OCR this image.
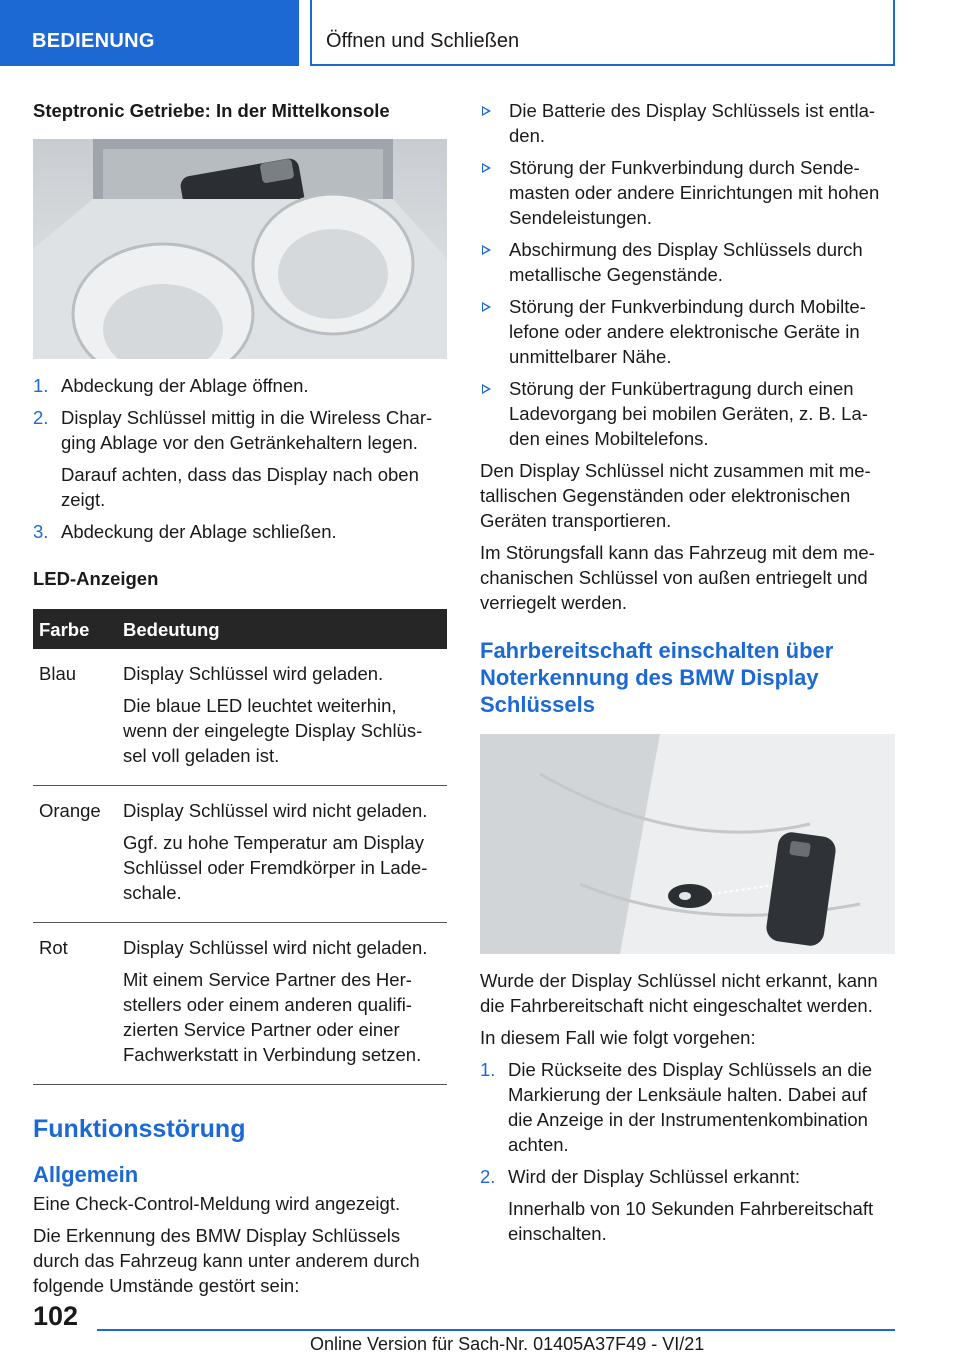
BEDIENUNG	Öffnen und Schließen
Steptronic Getriebe: In der Mittelkonsole
1. Abdeckung der Ablage öffnen.

2. Display Schlüssel mittig in die Wireless Char-ging Ablage vor den Getränkehaltern legen.

Darauf achten, dass das Display nach oben zeigt.

3. Abdeckung der Ablage schließen.

LED-Anzeigen
Farbe	Bedeutung
Blau	Display Schlüssel wird geladen.

Die blaue LED leuchtet weiterhin, wenn der eingelegte Display Schlüs-sel voll geladen ist.

Orange	Display Schlüssel wird nicht geladen.

Ggf. zu hohe Temperatur am Display Schlüssel oder Fremdkörper in Lade-schale.

Rot	Display Schlüssel wird nicht geladen.

Mit einem Service Partner des Her-stellers oder einem anderen qualifi-zierten Service Partner oder einer Fachwerkstatt in Verbindung setzen.

Funktionsstörung
Allgemein

Eine Check-Control-Meldung wird angezeigt.

Die Erkennung des BMW Display Schlüssels durch das Fahrzeug kann unter anderem durch folgende Umstände gestört sein:

Die Batterie des Display Schlüssels ist entla-den.
Störung der Funkverbindung durch Sende-masten oder andere Einrichtungen mit hohen Sendeleistungen.
Abschirmung des Display Schlüssels durch metallische Gegenstände.
Störung der Funkverbindung durch Mobilte-lefone oder andere elektronische Geräte in unmittelbarer Nähe.
Störung der Funkübertragung durch einen Ladevorgang bei mobilen Geräten, z. B. La-den eines Mobiltelefons.

Den Display Schlüssel nicht zusammen mit me-tallischen Gegenständen oder elektronischen Geräten transportieren.

Im Störungsfall kann das Fahrzeug mit dem me-chanischen Schlüssel von außen entriegelt und verriegelt werden.

Fahrbereitschaft einschalten über Noterkennung des BMW Display Schlüssels

Wurde der Display Schlüssel nicht erkannt, kann die Fahrbereitschaft nicht eingeschaltet werden.

In diesem Fall wie folgt vorgehen:

1. Die Rückseite des Display Schlüssels an die Markierung der Lenksäule halten. Dabei auf die Anzeige in der Instrumentenkombination achten.

2. Wird der Display Schlüssel erkannt:

Innerhalb von 10 Sekunden Fahrbereitschaft einschalten.

102
Online Version für Sach-Nr. 01405A37F49 - VI/21
